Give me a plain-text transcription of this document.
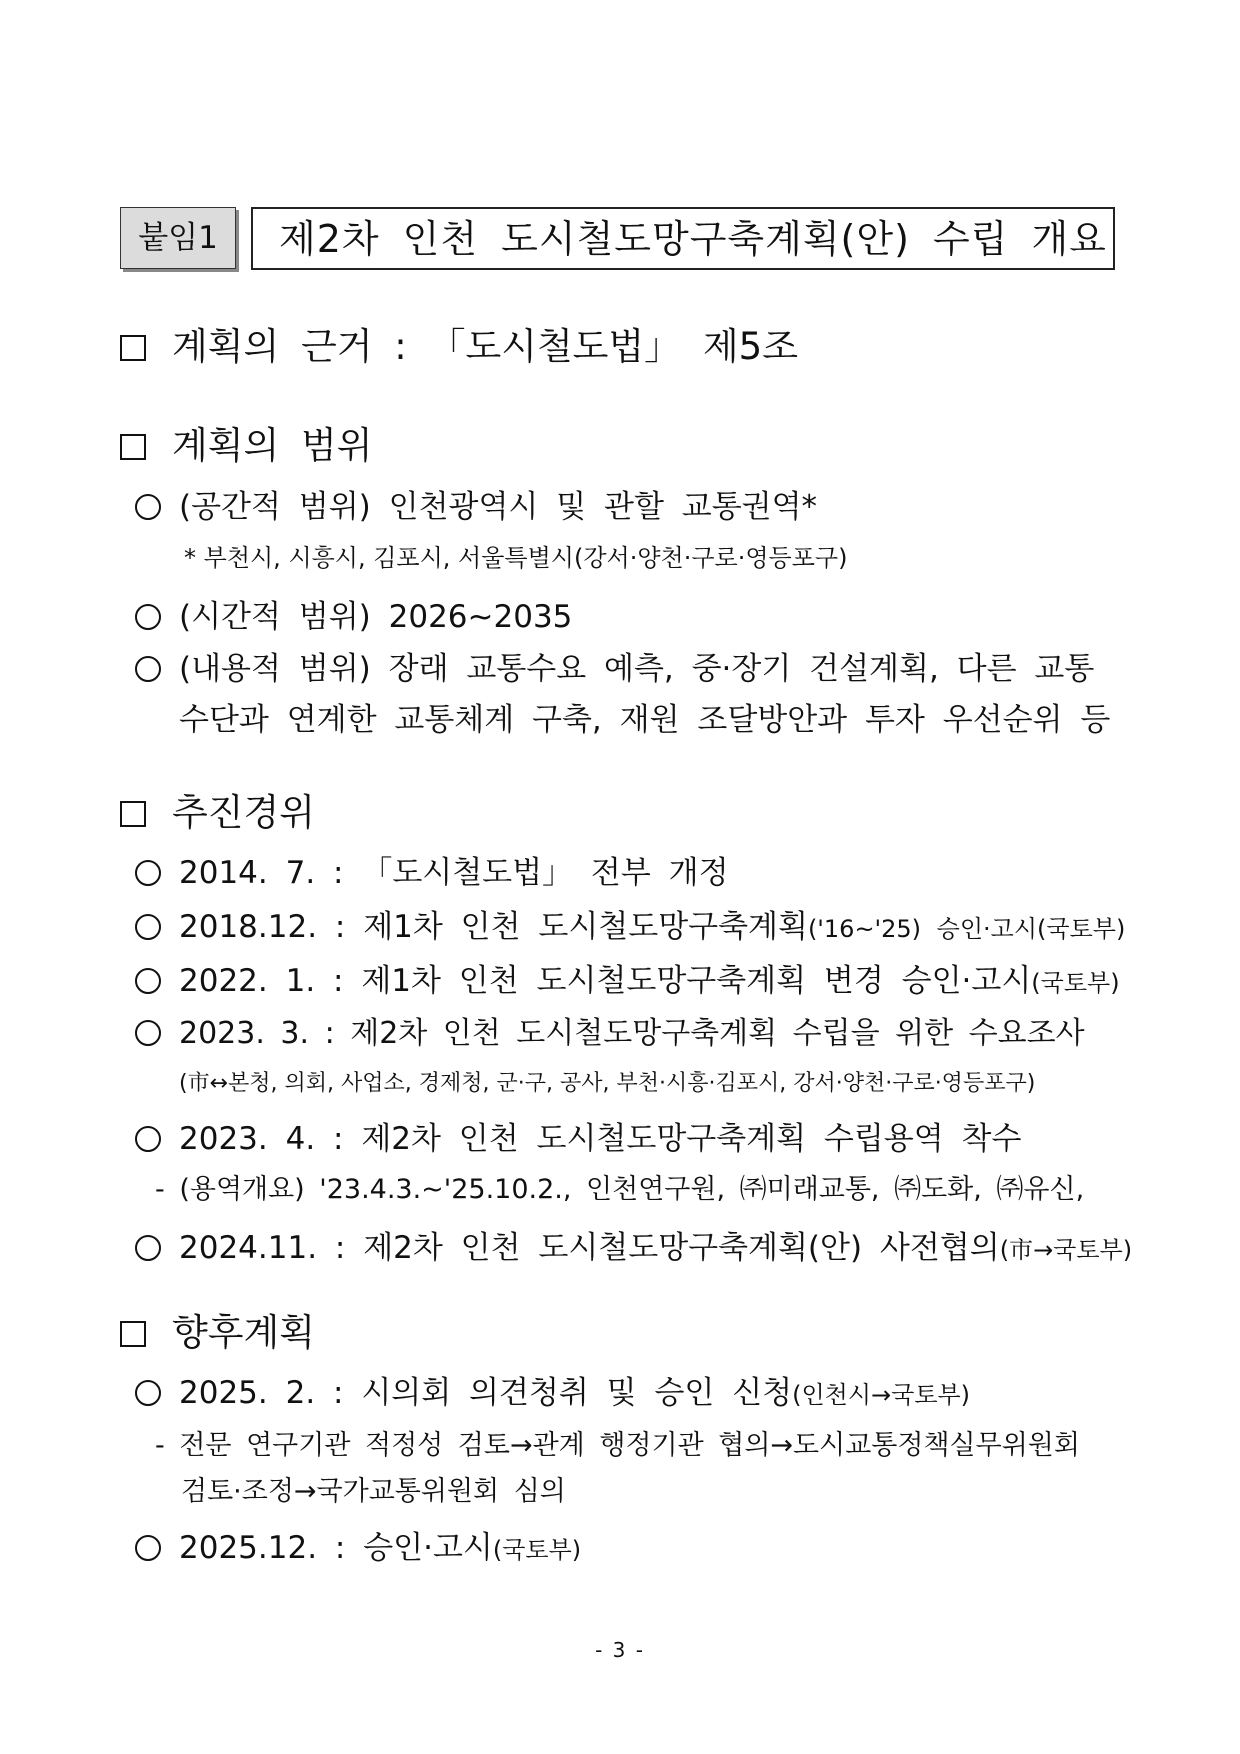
붙임1	제2차 인천 도시철도망구축계획(안) 수립 개요
계획의 근거 : 「도시철도법」 제5조
계획의 범위
(공간적 범위) 인천광역시 및 관할 교통권역*
* 부천시, 시흥시, 김포시, 서울특별시(강서·양천·구로·영등포구)
(시간적 범위) 2026~2035
(내용적 범위) 장래 교통수요 예측, 중·장기 건설계획, 다른 교통
수단과 연계한 교통체계 구축, 재원 조달방안과 투자 우선순위 등
추진경위
2014. 7. : 「도시철도법」 전부 개정
2018.12. : 제1차 인천 도시철도망구축계획('16~'25) 승인·고시(국토부)
2022. 1. : 제1차 인천 도시철도망구축계획 변경 승인·고시(국토부)
2023. 3. : 제2차 인천 도시철도망구축계획 수립을 위한 수요조사
(市↔본청, 의회, 사업소, 경제청, 군·구, 공사, 부천·시흥·김포시, 강서·양천·구로·영등포구)
2023. 4. : 제2차 인천 도시철도망구축계획 수립용역 착수
- (용역개요) '23.4.3.~'25.10.2., 인천연구원, ㈜미래교통, ㈜도화, ㈜유신,
2024.11. : 제2차 인천 도시철도망구축계획(안) 사전협의(市→국토부)
향후계획
2025. 2. : 시의회 의견청취 및 승인 신청(인천시→국토부)
- 전문 연구기관 적정성 검토→관계 행정기관 협의→도시교통정책실무위원회
검토·조정→국가교통위원회 심의
2025.12. : 승인·고시(국토부)
- 3 -
